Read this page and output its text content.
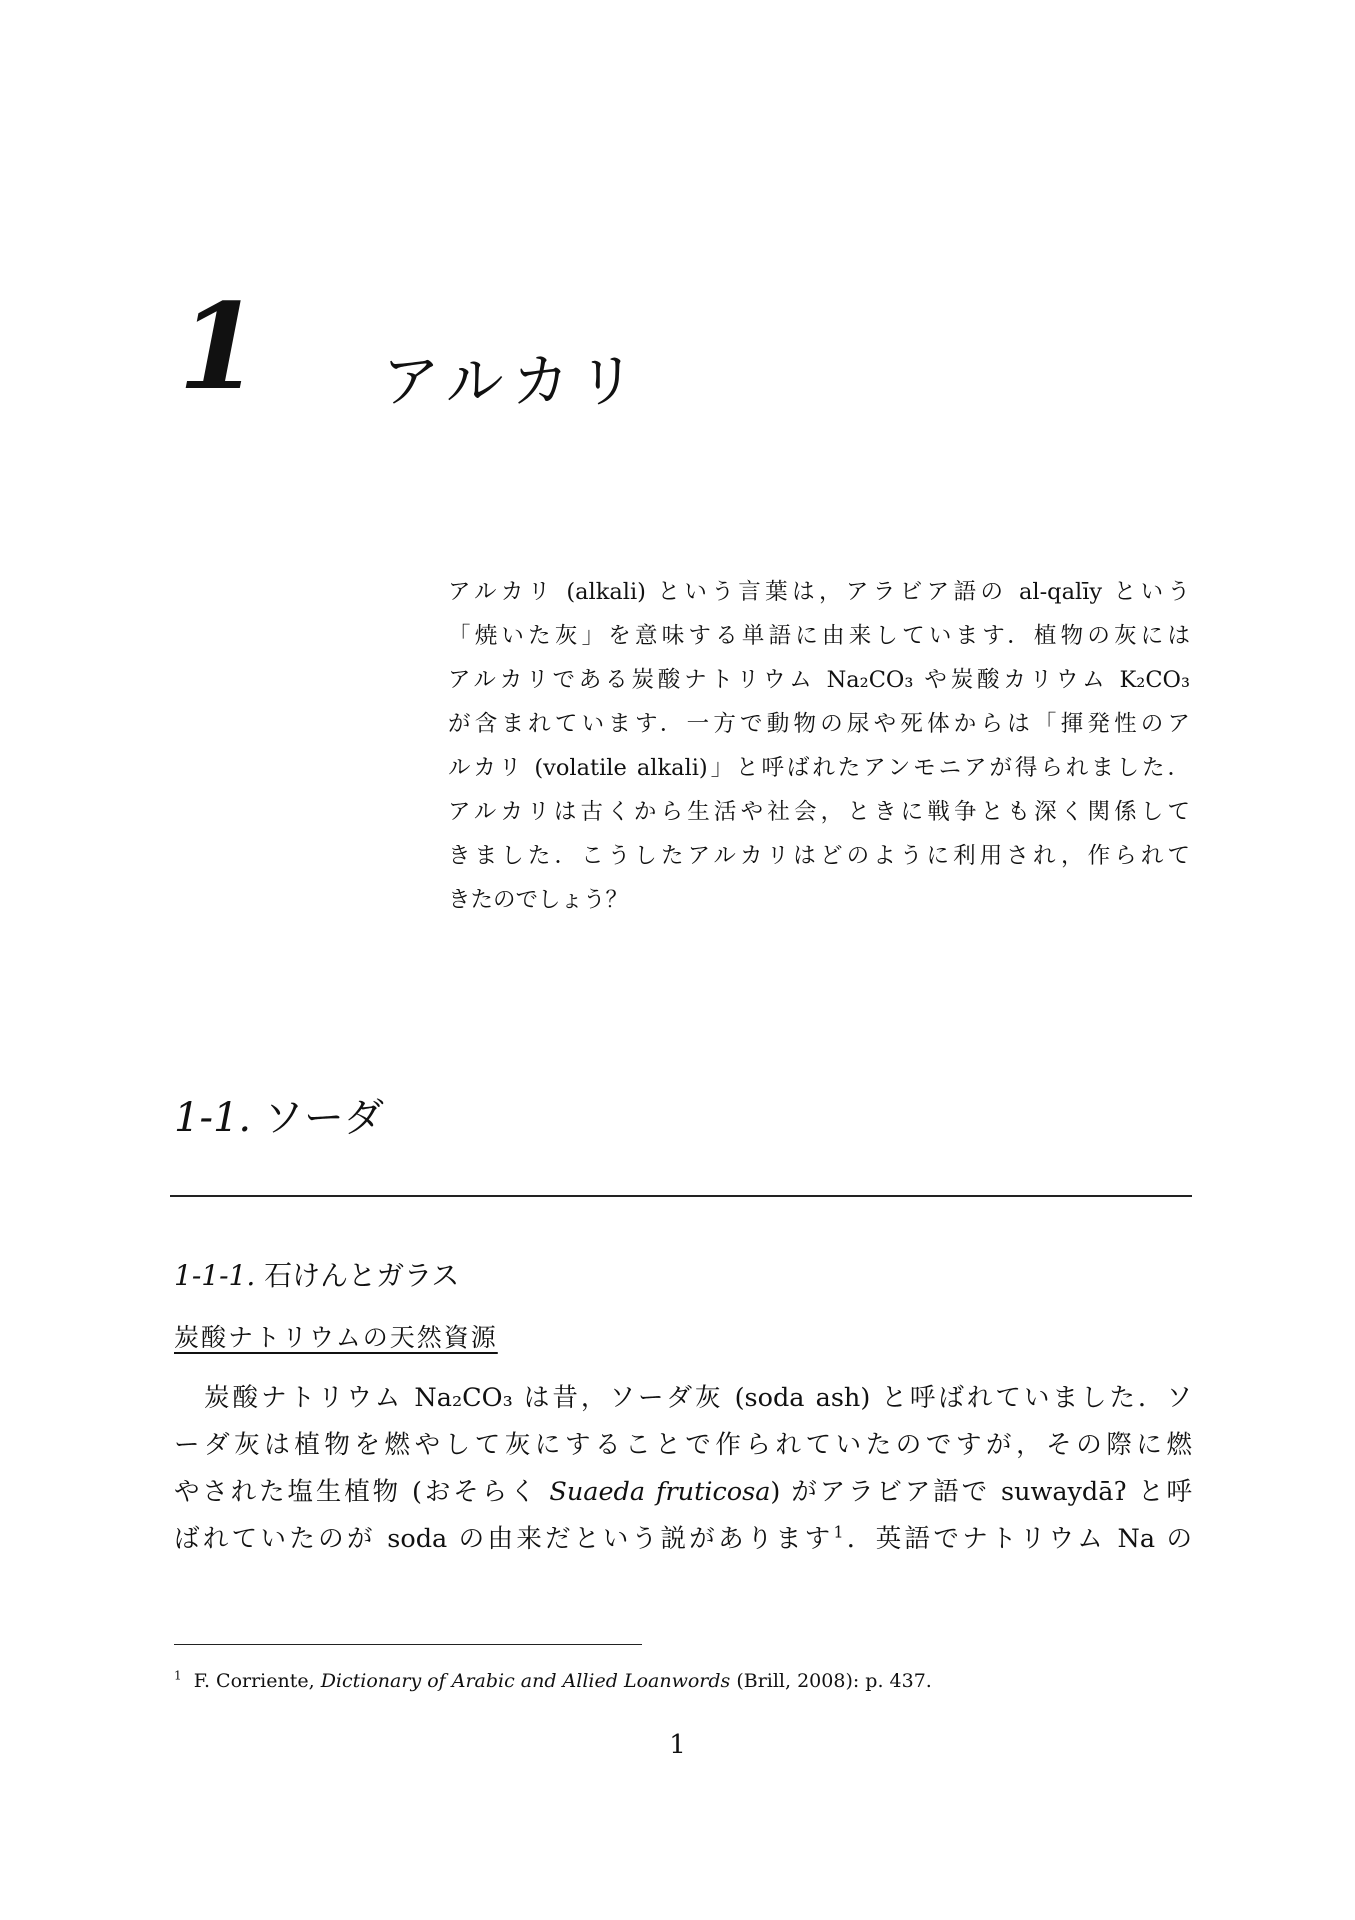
1 アルカリ
アルカリ (alkali) という言葉は，アラビア語の al-qalīy という
「焼いた灰」を意味する単語に由来しています．植物の灰には
アルカリである炭酸ナトリウム Na₂CO₃ や炭酸カリウム K₂CO₃
が含まれています．一方で動物の尿や死体からは「揮発性のア
ルカリ (volatile alkali)」と呼ばれたアンモニアが得られました．
アルカリは古くから生活や社会，ときに戦争とも深く関係して
きました．こうしたアルカリはどのように利用され，作られて
きたのでしょう？
1-1. ソーダ
1-1-1. 石けんとガラス
炭酸ナトリウムの天然資源
炭酸ナトリウム Na₂CO₃ は昔，ソーダ灰 (soda ash) と呼ばれていました．ソ
ーダ灰は植物を燃やして灰にすることで作られていたのですが，その際に燃
やされた塩生植物 (おそらく Suaeda fruticosa) がアラビア語で suwaydāʔ と呼
ばれていたのが soda の由来だという説があります$^1$．英語でナトリウム Na の
$^1$ F. Corriente, Dictionary of Arabic and Allied Loanwords (Brill, 2008): p. 437.
1
